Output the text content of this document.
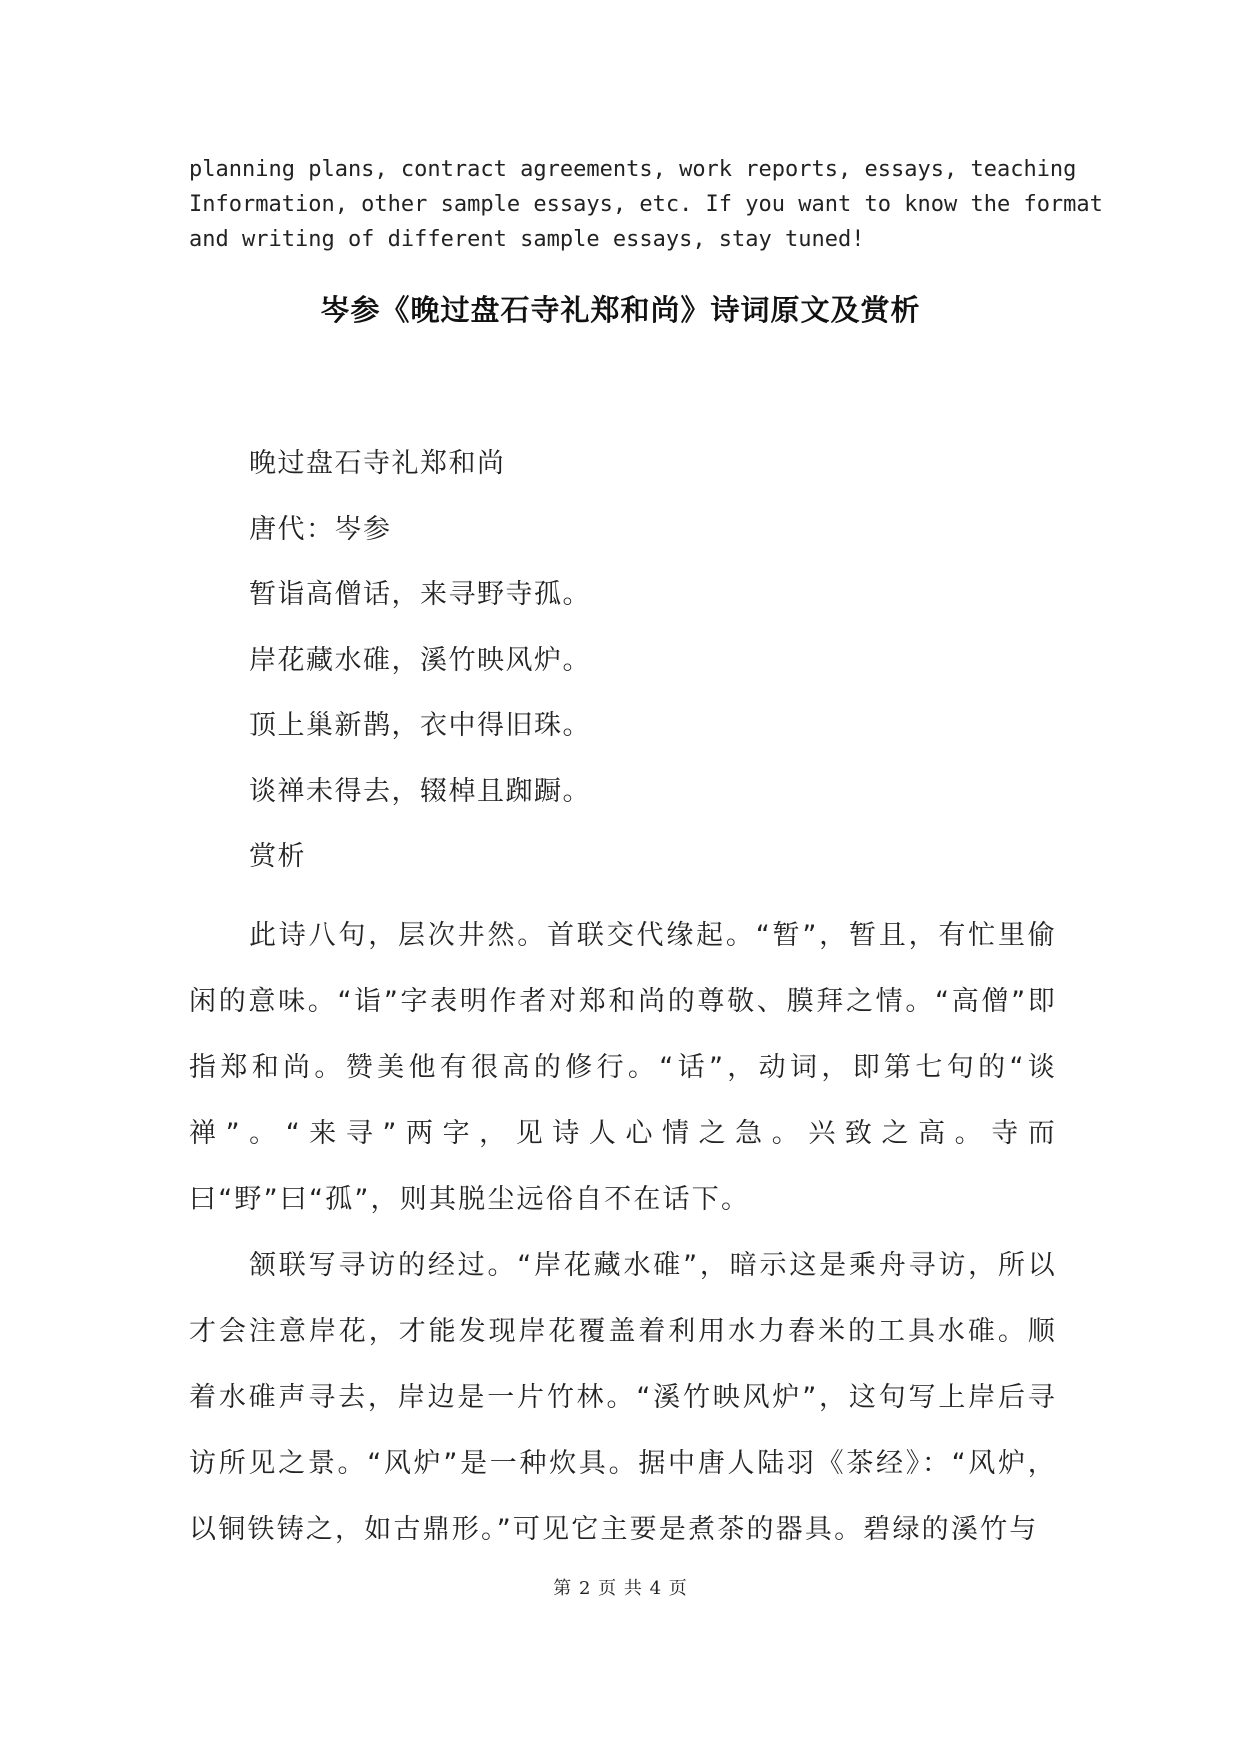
planning plans, contract agreements, work reports, essays, teaching
Information, other sample essays, etc. If you want to know the format
and writing of different sample essays, stay tuned!
岑参《晚过盘石寺礼郑和尚》诗词原文及赏析
晚过盘石寺礼郑和尚
唐代：岑参
暂诣高僧话，来寻野寺孤。
岸花藏水碓，溪竹映风炉。
顶上巢新鹊，衣中得旧珠。
谈禅未得去，辍棹且踟蹰。
赏析

此诗八句，层次井然。首联交代缘起。“暂”，暂且，有忙里偷闲的意味。“诣”字表明作者对郑和尚的尊敬、膜拜之情。“高僧”即指郑和尚。赞美他有很高的修行。“话”，动词，即第七句的“谈禅”。“来寻”两字，见诗人心情之急。兴致之高。寺而曰“野”曰“孤”，则其脱尘远俗自不在话下。

颔联写寻访的经过。“岸花藏水碓”，暗示这是乘舟寻访，所以才会注意岸花，才能发现岸花覆盖着利用水力舂米的工具水碓。顺着水碓声寻去，岸边是一片竹林。“溪竹映风炉”，这句写上岸后寻访所见之景。“风炉”是一种炊具。据中唐人陆羽《茶经》：“风炉，以铜铁铸之，如古鼎形。”可见它主要是煮茶的器具。碧绿的溪竹与

第 2 页 共 4 页
